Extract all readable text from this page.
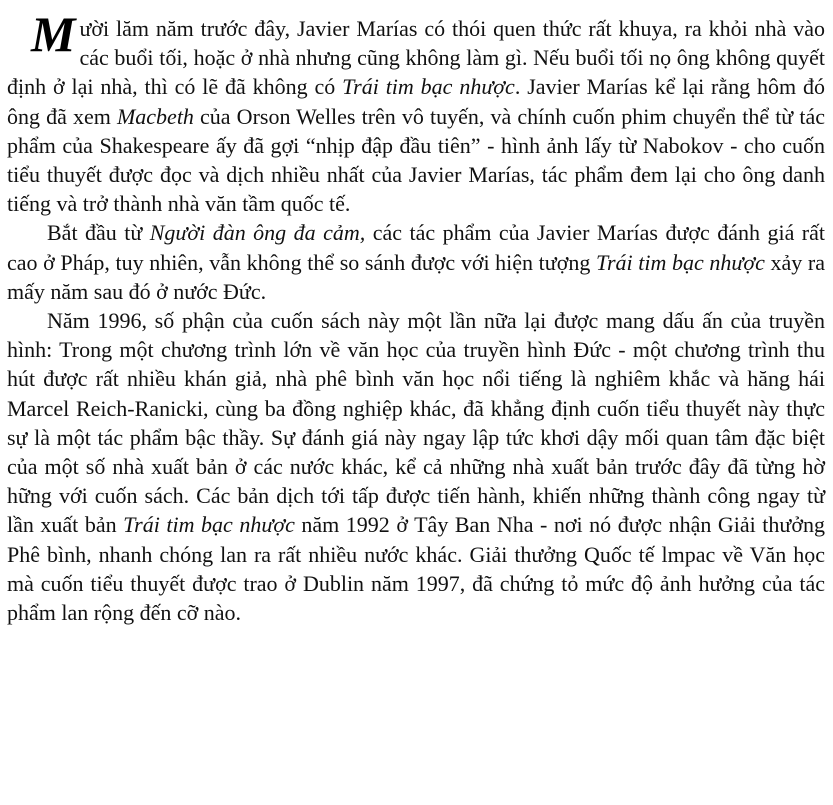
Mười lăm năm trước đây, Javier Marías có thói quen thức rất khuya, ra khỏi nhà vào các buổi tối, hoặc ở nhà nhưng cũng không làm gì. Nếu buổi tối nọ ông không quyết định ở lại nhà, thì có lẽ đã không có Trái tim bạc nhược. Javier Marías kể lại rằng hôm đó ông đã xem Macbeth của Orson Welles trên vô tuyến, và chính cuốn phim chuyển thể từ tác phẩm của Shakespeare ấy đã gợi “nhịp đập đầu tiên” - hình ảnh lấy từ Nabokov - cho cuốn tiểu thuyết được đọc và dịch nhiều nhất của Javier Marías, tác phẩm đem lại cho ông danh tiếng và trở thành nhà văn tầm quốc tế.

Bắt đầu từ Người đàn ông đa cảm, các tác phẩm của Javier Marías được đánh giá rất cao ở Pháp, tuy nhiên, vẫn không thể so sánh được với hiện tượng Trái tim bạc nhược xảy ra mấy năm sau đó ở nước Đức.

Năm 1996, số phận của cuốn sách này một lần nữa lại được mang dấu ấn của truyền hình: Trong một chương trình lớn về văn học của truyền hình Đức - một chương trình thu hút được rất nhiều khán giả, nhà phê bình văn học nổi tiếng là nghiêm khắc và hăng hái Marcel Reich-Ranicki, cùng ba đồng nghiệp khác, đã khẳng định cuốn tiểu thuyết này thực sự là một tác phẩm bậc thầy. Sự đánh giá này ngay lập tức khơi dậy mối quan tâm đặc biệt của một số nhà xuất bản ở các nước khác, kể cả những nhà xuất bản trước đây đã từng hờ hững với cuốn sách. Các bản dịch tới tấp được tiến hành, khiến những thành công ngay từ lần xuất bản Trái tim bạc nhược năm 1992 ở Tây Ban Nha - nơi nó được nhận Giải thưởng Phê bình, nhanh chóng lan ra rất nhiều nước khác. Giải thưởng Quốc tế lmpac về Văn học mà cuốn tiểu thuyết được trao ở Dublin năm 1997, đã chứng tỏ mức độ ảnh hưởng của tác phẩm lan rộng đến cỡ nào.
